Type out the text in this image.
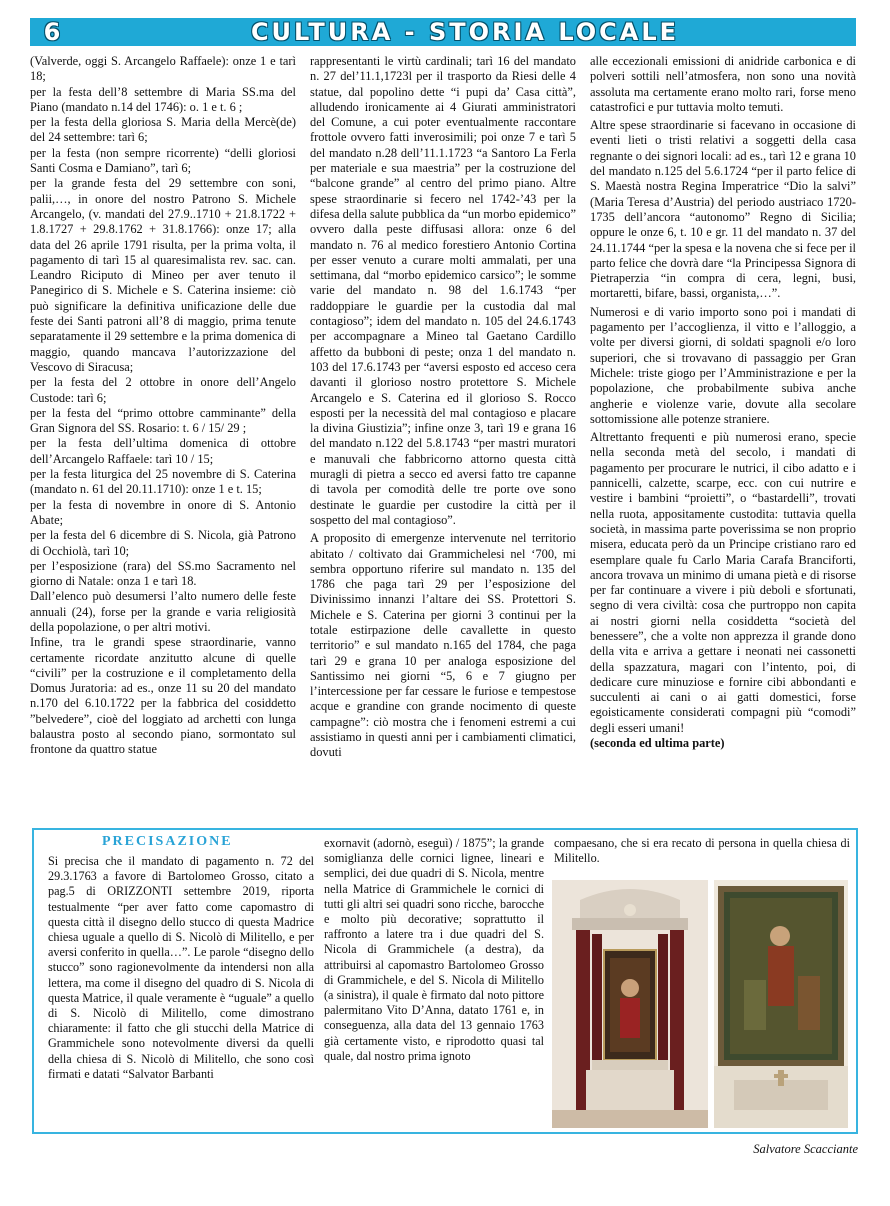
6	CULTURA - STORIA LOCALE

(Valverde, oggi S. Arcangelo Raffaele): onze 1 e tarì 18;

per la festa dell’8 settembre di Maria SS.ma del Piano (mandato n.14 del 1746): o. 1 e t. 6 ;

per la festa della gloriosa S. Maria della Mercè(de) del 24 settembre: tarì 6;

per la festa (non sempre ricorrente) “delli gloriosi Santi Cosma e Damiano”, tarì 6;

per la grande festa del 29 settembre con soni, palii,…, in onore del nostro Patrono S. Michele Arcangelo, (v. mandati del 27.9..1710 + 21.8.1722 + 1.8.1727 + 29.8.1762 + 31.8.1766): onze 17; alla data del 26 aprile 1791 risulta, per la prima volta, il pagamento di tarì 15 al quaresimalista rev. sac. can. Leandro Riciputo di Mineo per aver tenuto il Panegirico di S. Michele e S. Caterina insieme: ciò può significare la definitiva unificazione delle due feste dei Santi patroni all’8 di maggio, prima tenute separatamente il 29 settembre e la prima domenica di maggio, quando mancava l’autorizzazione del Vescovo di Siracusa;

per la festa del 2 ottobre in onore dell’Angelo Custode: tarì 6;

per la festa del “primo ottobre camminante” della Gran Signora del SS. Rosario: t. 6 / 15/ 29 ;

per la festa dell’ultima domenica di ottobre dell’Arcangelo Raffaele: tarì 10 / 15;

per la festa liturgica del 25 novembre di S. Caterina (mandato n. 61 del 20.11.1710): onze 1 e t. 15;

per la festa di novembre in onore di S. Antonio Abate;

per la festa del 6 dicembre di S. Nicola, già Patrono di Occhiolà, tarì 10;

per l’esposizione (rara) del SS.mo Sacramento nel giorno di Natale: onza 1 e tarì 18.

Dall’elenco può desumersi l’alto numero delle feste annuali (24), forse per la grande e varia religiosità della popolazione, o per altri motivi.

Infine, tra le grandi spese straordinarie, vanno certamente ricordate anzitutto alcune di quelle “civili” per la costruzione e il completamento della Domus Juratoria: ad es., onze 11 su 20 del mandato n.170 del 6.10.1722 per la fabbrica del cosiddetto ”belvedere”, cioè del loggiato ad archetti con lunga balaustra posto al secondo piano, sormontato sul frontone da quattro statue

rappresentanti le virtù cardinali; tarì 16 del mandato n. 27 del’11.1,1723l per il trasporto da Riesi delle 4 statue, dal popolino dette “i pupi da’ Casa città”, alludendo ironicamente ai 4 Giurati amministratori del Comune, a cui poter eventualmente raccontare frottole ovvero fatti inverosimili; poi onze 7 e tarì 5 del mandato n.28 dell’11.1.1723 “a Santoro La Ferla per materiale e sua maestria” per la costruzione del “balcone grande” al centro del primo piano. Altre spese straordinarie si fecero nel 1742-’43 per la difesa della salute pubblica da “un morbo epidemico” ovvero dalla peste diffusasi allora: onze 6 del mandato n. 76 al medico forestiero Antonio Cortina per esser venuto a curare molti ammalati, per una settimana, dal “morbo epidemico carsico”; le somme varie del mandato n. 98 del 1.6.1743 “per raddoppiare le guardie per la custodia dal mal contagioso”; idem del mandato n. 105 del 24.6.1743 per accompagnare a Mineo tal Gaetano Cardillo affetto da bubboni di peste; onza 1 del mandato n. 103 del 17.6.1743 per “aversi esposto ed acceso cera davanti il glorioso nostro protettore S. Michele Arcangelo e S. Caterina ed il glorioso S. Rocco esposti per la necessità del mal contagioso e placare la divina Giustizia”; infine onze 3, tarì 19 e grana 16 del mandato n.122 del 5.8.1743 “per mastri muratori e manuvali che fabbricorno attorno questa città muragli di pietra a secco ed aversi fatto tre capanne di tavola per comodità delle tre porte ove sono destinate le guardie per custodire la città per il sospetto del mal contagioso”.

A proposito di emergenze intervenute nel territorio abitato / coltivato dai Grammichelesi nel ‘700, mi sembra opportuno riferire sul mandato n. 135 del 1786 che paga tarì 29 per l’esposizione del Divinissimo innanzi l’altare dei SS. Protettori S. Michele e S. Caterina per giorni 3 continui per la totale estirpazione delle cavallette in questo territorio” e sul mandato n.165 del 1784, che paga tarì 29 e grana 10 per analoga esposizione del Santissimo nei giorni “5, 6 e 7 giugno per l’intercessione per far cessare le furiose e tempestose acque e grandine con grande nocimento di queste campagne”: ciò mostra che i fenomeni estremi a cui assistiamo in questi anni per i cambiamenti climatici, dovuti

alle eccezionali emissioni di anidride carbonica e di polveri sottili nell’atmosfera, non sono una novità assoluta ma certamente erano molto rari, forse meno catastrofici e pur tuttavia molto temuti.

Altre spese straordinarie si facevano in occasione di eventi lieti o tristi relativi a soggetti della casa regnante o dei signori locali: ad es., tarì 12 e grana 10 del mandato n.125 del 5.6.1724 “per il parto felice di S. Maestà nostra Regina Imperatrice “Dio la salvi” (Maria Teresa d’Austria) del periodo austriaco 1720-1735 dell’ancora “autonomo” Regno di Sicilia; oppure le onze 6, t. 10 e gr. 11 del mandato n. 37 del 24.11.1744 “per la spesa e la novena che si fece per il parto felice che dovrà dare “la Principessa Signora di Pietraperzia “in compra di cera, legni, busi, mortaretti, bifare, bassi, organista,…”.

Numerosi e di vario importo sono poi i mandati di pagamento per l’accoglienza, il vitto e l’alloggio, a volte per diversi giorni, di soldati spagnoli e/o loro superiori, che si trovavano di passaggio per Gran Michele: triste giogo per l’Amministrazione e per la popolazione, che probabilmente subiva anche angherie e violenze varie, dovute alla secolare sottomissione alle potenze straniere.

Altrettanto frequenti e più numerosi erano, specie nella seconda metà del secolo, i mandati di pagamento per procurare le nutrici, il cibo adatto e i pannicelli, calzette, scarpe, ecc. con cui nutrire e vestire i bambini “proietti”, o “bastardelli”, trovati nella ruota, appositamente custodita: tuttavia quella società, in massima parte poverissima se non proprio misera, educata però da un Principe cristiano raro ed esemplare quale fu Carlo Maria Carafa Branciforti, ancora trovava un minimo di umana pietà e di risorse per far continuare a vivere i più deboli e sfortunati, segno di vera civiltà: cosa che purtroppo non capita ai nostri giorni nella cosiddetta “società del benessere”, che a volte non apprezza il grande dono della vita e arriva a gettare i neonati nei cassonetti della spazzatura, magari con l’intento, poi, di dedicare cure minuziose e fornire cibi abbondanti e succulenti ai cani o ai gatti domestici, forse egoisticamente considerati compagni più “comodi” degli esseri umani!

(seconda ed ultima parte)

PRECISAZIONE
Si precisa che il mandato di pagamento n. 72 del 29.3.1763 a favore di Bartolomeo Grosso, citato a pag.5 di ORIZZONTI settembre 2019, riporta testualmente “per aver fatto come capomastro di questa città il disegno dello stucco di questa Madrice chiesa uguale a quello di S. Nicolò di Militello, e per aversi conferito in quella…”. Le parole “disegno dello stucco” sono ragionevolmente da intendersi non alla lettera, ma come il disegno del quadro di S. Nicola di questa Matrice, il quale veramente è “uguale” a quello di S. Nicolò di Militello, come dimostrano chiaramente: il fatto che gli stucchi della Matrice di Grammichele sono notevolmente diversi da quelli della chiesa di S. Nicolò di Militello, che sono così firmati e datati “Salvator Barbanti
exornavit (adornò, eseguì) / 1875”; la grande somiglianza delle cornici lignee, lineari e semplici, dei due quadri di S. Nicola, mentre nella Matrice di Grammichele le cornici di tutti gli altri sei quadri sono ricche, barocche e molto più decorative; soprattutto il raffronto a latere tra i due quadri del S. Nicola di Grammichele (a destra), da attribuirsi al capomastro Bartolomeo Grosso di Grammichele, e del S. Nicola di Militello (a sinistra), il quale è firmato dal noto pittore palermitano Vito D’Anna, datato 1761 e, in conseguenza, alla data del 13 gennaio 1763 già certamente visto, e riprodotto quasi tal quale, dal nostro prima ignoto
compaesano, che si era recato di persona in quella chiesa di Militello.
Salvatore Scacciante
